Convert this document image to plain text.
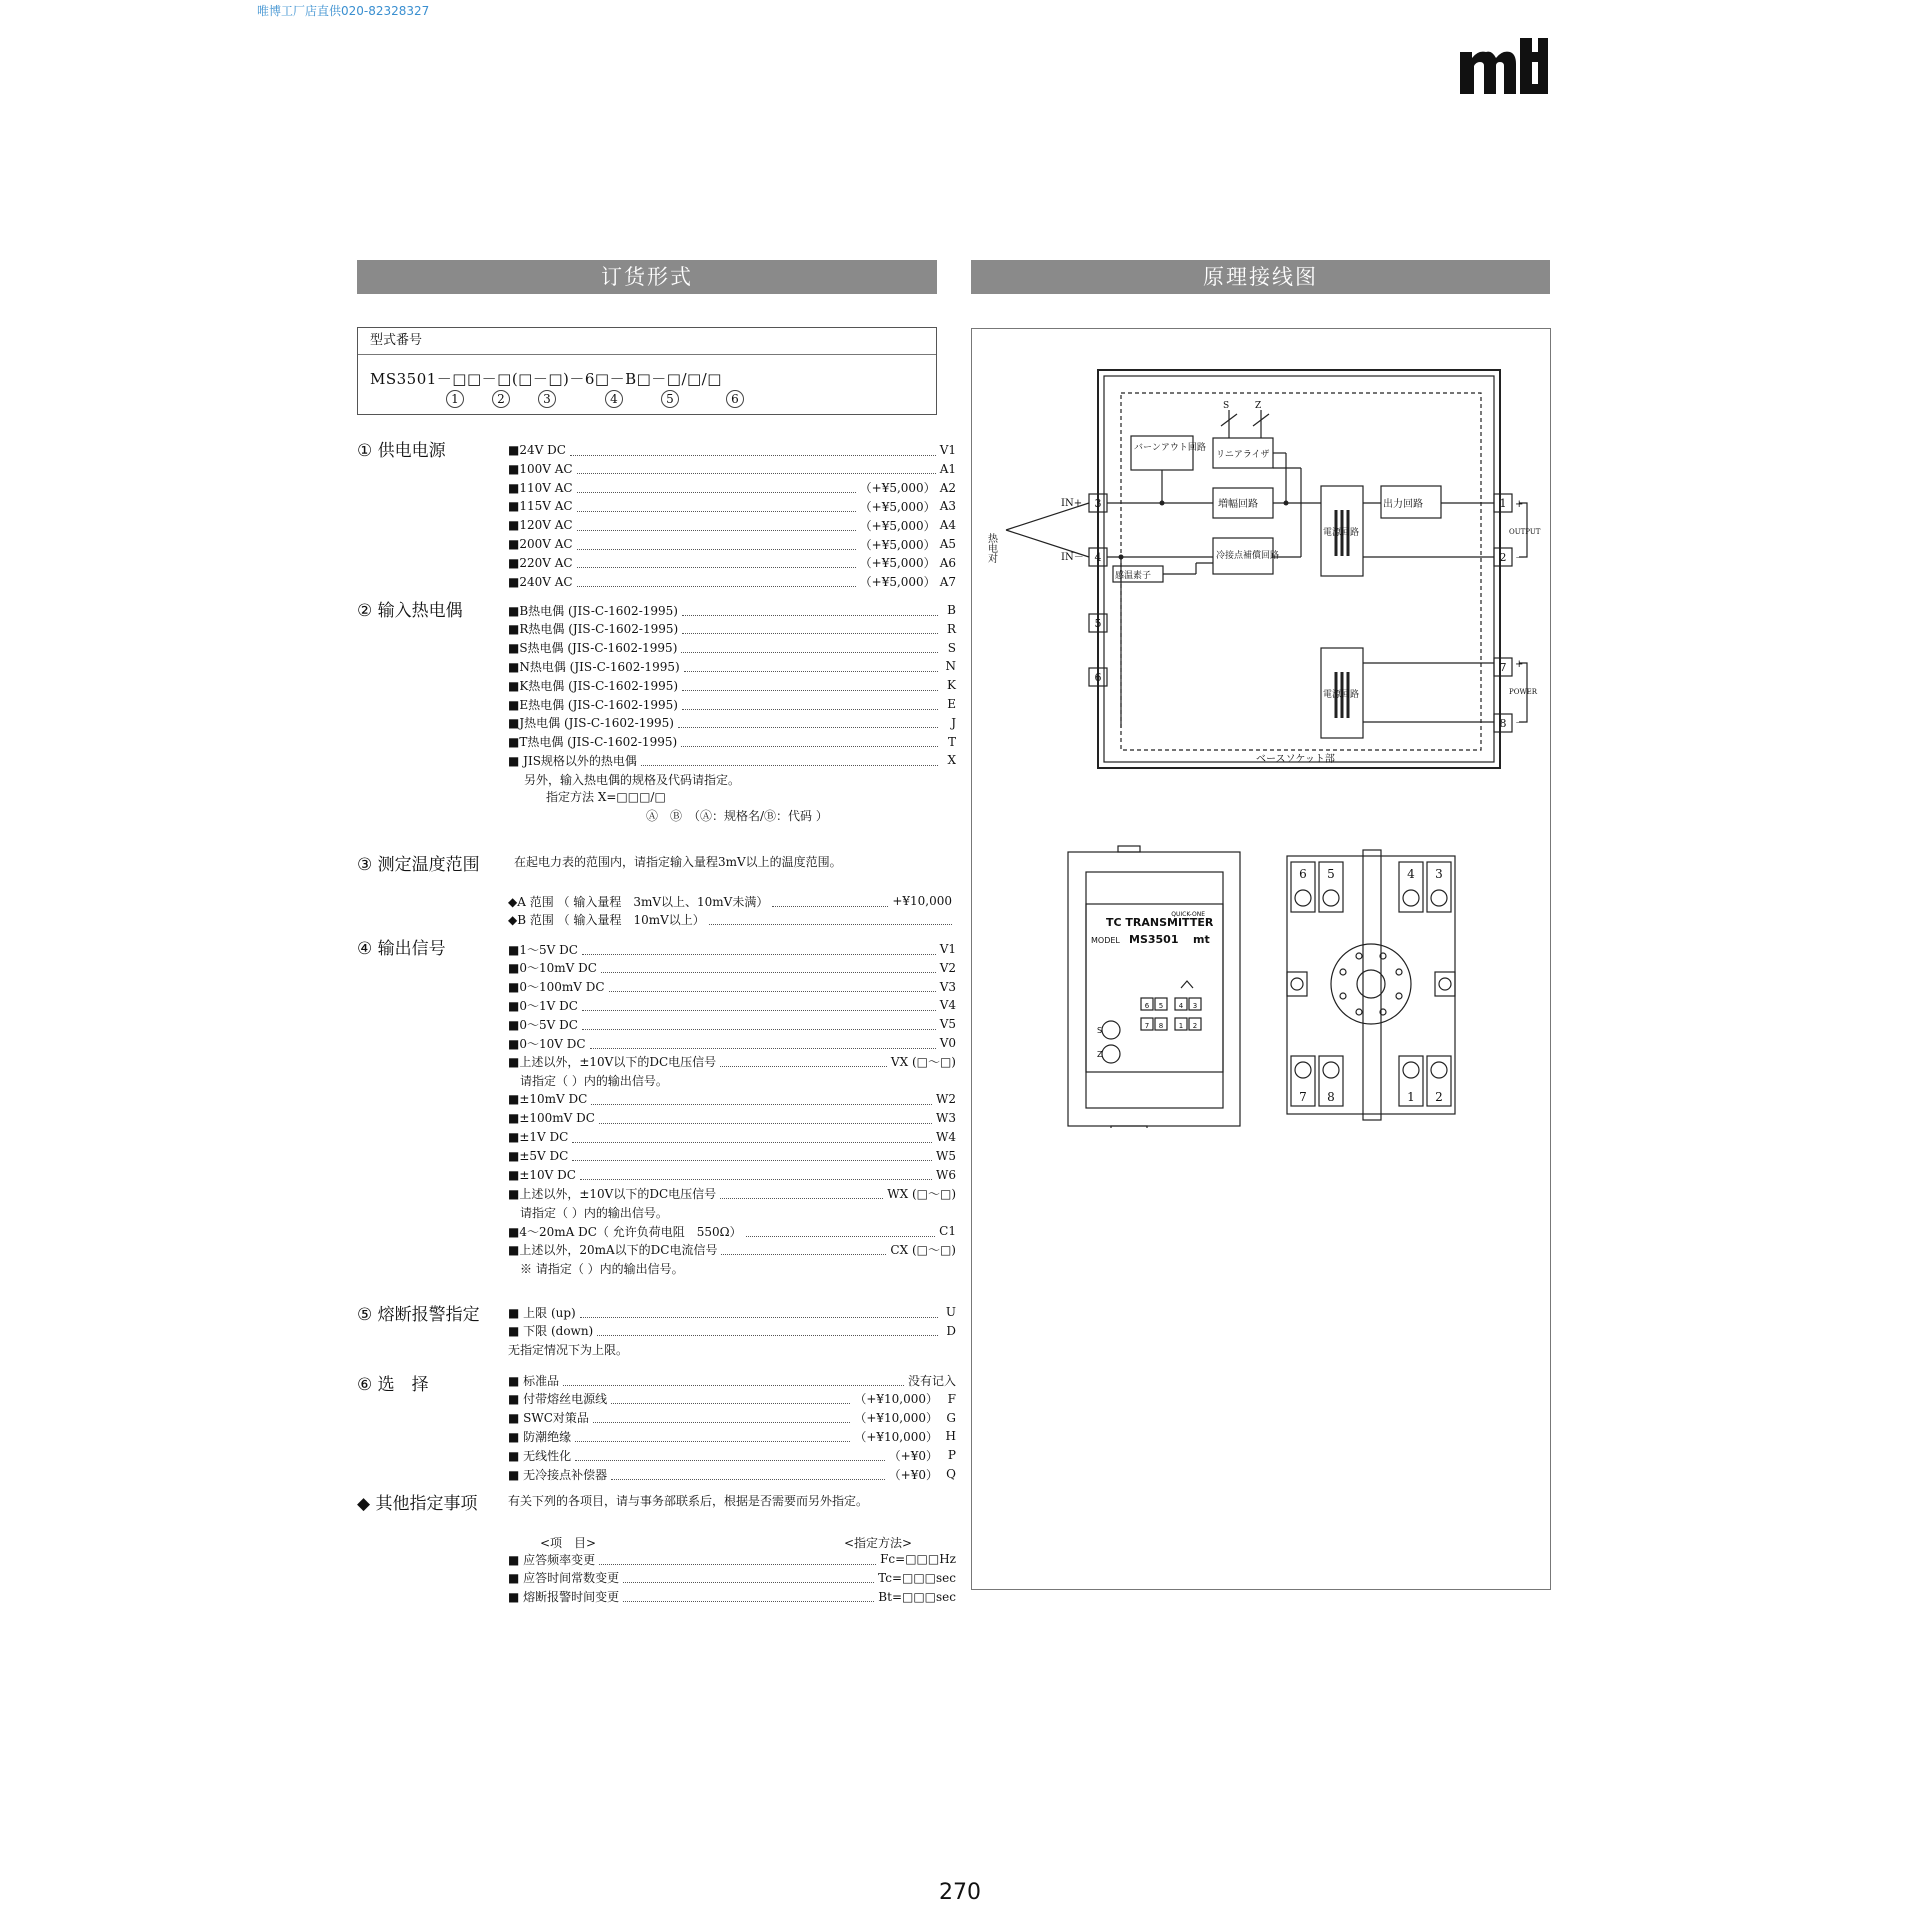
唯博工厂店直供020-82328327
订货形式	原理接线图
型式番号
MS3501－□□－□(□－□)－6□－B□－□/□/□
1	2	3	4	5	6
① 供电电源
② 输入热电偶
③ 测定温度范围
④ 输出信号
⑤ 熔断报警指定
⑥ 选　择
◆ 其他指定事项
■24V DC	V1
■100V AC	A1
■110V AC	（+¥5,000） A2
■115V AC	（+¥5,000） A3
■120V AC	（+¥5,000） A4
■200V AC	（+¥5,000） A5
■220V AC	（+¥5,000） A6
■240V AC	（+¥5,000） A7
■B热电偶 (JIS-C-1602-1995)	B
■R热电偶 (JIS-C-1602-1995)	R
■S热电偶 (JIS-C-1602-1995)	S
■N热电偶 (JIS-C-1602-1995)	N
■K热电偶 (JIS-C-1602-1995)	K
■E热电偶 (JIS-C-1602-1995)	E
■J热电偶 (JIS-C-1602-1995)	J
■T热电偶 (JIS-C-1602-1995)	T
■ JIS规格以外的热电偶	X
◆A 范围 （ 输入量程　3mV以上、10mV未满）	+¥10,000
◆B 范围 （ 输入量程　10mV以上）
■1～5V DC	V1
■0～10mV DC	V2
■0～100mV DC	V3
■0～1V DC	V4
■0～5V DC	V5
■0～10V DC	V0
■上述以外，±10V以下的DC电压信号	VX (□～□)
　请指定（ ）内的输出信号。
■±10mV DC	W2
■±100mV DC	W3
■±1V DC	W4
■±5V DC	W5
■±10V DC	W6
■上述以外，±10V以下的DC电压信号	WX (□～□)
　请指定（ ）内的输出信号。
■4～20mA DC（ 允许负荷电阻　550Ω）	C1
■上述以外，20mA以下的DC电流信号	CX (□～□)
　※ 请指定（ ）内的输出信号。
■ 上限 (up)	U
■ 下限 (down)	D
无指定情况下为上限。
■ 标准品	没有记入
■ 付带熔丝电源线	（+¥10,000） F
■ SWC对策品	（+¥10,000） G
■ 防潮绝缘	（+¥10,000） H
■ 无线性化	（+¥0） P
■ 无冷接点补偿器	（+¥0） Q
■ 应答频率变更	Fc=□□□Hz
■ 应答时间常数变更	Tc=□□□sec
■ 熔断报警时间变更	Bt=□□□sec
另外，输入热电偶的规格及代码请指定。
指定方法 X=□□□/□
Ⓐ　Ⓑ　（Ⓐ：规格名/Ⓑ：代码 ）
在起电力表的范围内，请指定输入量程3mV以上的温度范围。
有关下列的各项目，请与事务部联系后，根据是否需要而另外指定。
<项　目>	<指定方法>
3
4
5
6
1
2
7
8
IN+
IN－
热电对
バーンアウト回路
リニアライザ
増幅回路
冷接点補償回路
感温素子
電源回路
出力回路
電源回路
OUTPUT
POWER
ベースソケット部
S	Z
+
－
+
－
QUICK-ONE
TC TRANSMITTER
MODEL MS3501 mt
S
Z
6 5 4 3
7 8 1 2
6 5	4 3
7 8	1 2
270
